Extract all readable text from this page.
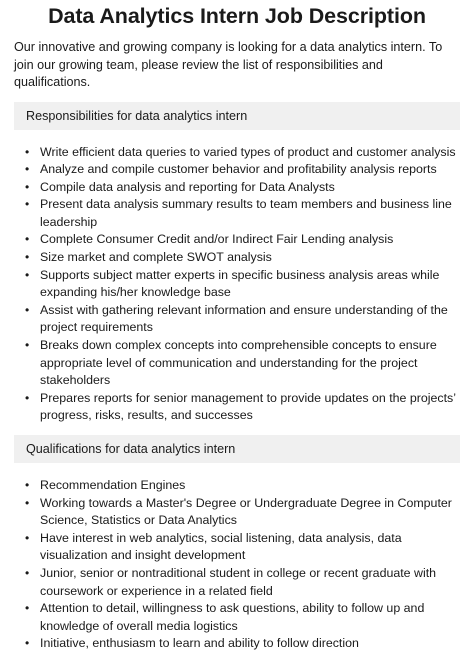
Data Analytics Intern Job Description

Our innovative and growing company is looking for a data analytics intern. To join our growing team, please review the list of responsibilities and qualifications.

Responsibilities for data analytics intern
• Write efficient data queries to varied types of product and customer analysis
• Analyze and compile customer behavior and profitability analysis reports
• Compile data analysis and reporting for Data Analysts
• Present data analysis summary results to team members and business line leadership
• Complete Consumer Credit and/or Indirect Fair Lending analysis
• Size market and complete SWOT analysis
• Supports subject matter experts in specific business analysis areas while expanding his/her knowledge base
• Assist with gathering relevant information and ensure understanding of the project requirements
• Breaks down complex concepts into comprehensible concepts to ensure appropriate level of communication and understanding for the project stakeholders
• Prepares reports for senior management to provide updates on the projects’ progress, risks, results, and successes
Qualifications for data analytics intern
• Recommendation Engines
• Working towards a Master's Degree or Undergraduate Degree in Computer Science, Statistics or Data Analytics
• Have interest in web analytics, social listening, data analysis, data visualization and insight development
• Junior, senior or nontraditional student in college or recent graduate with coursework or experience in a related field
• Attention to detail, willingness to ask questions, ability to follow up and knowledge of overall media logistics
• Initiative, enthusiasm to learn and ability to follow direction
